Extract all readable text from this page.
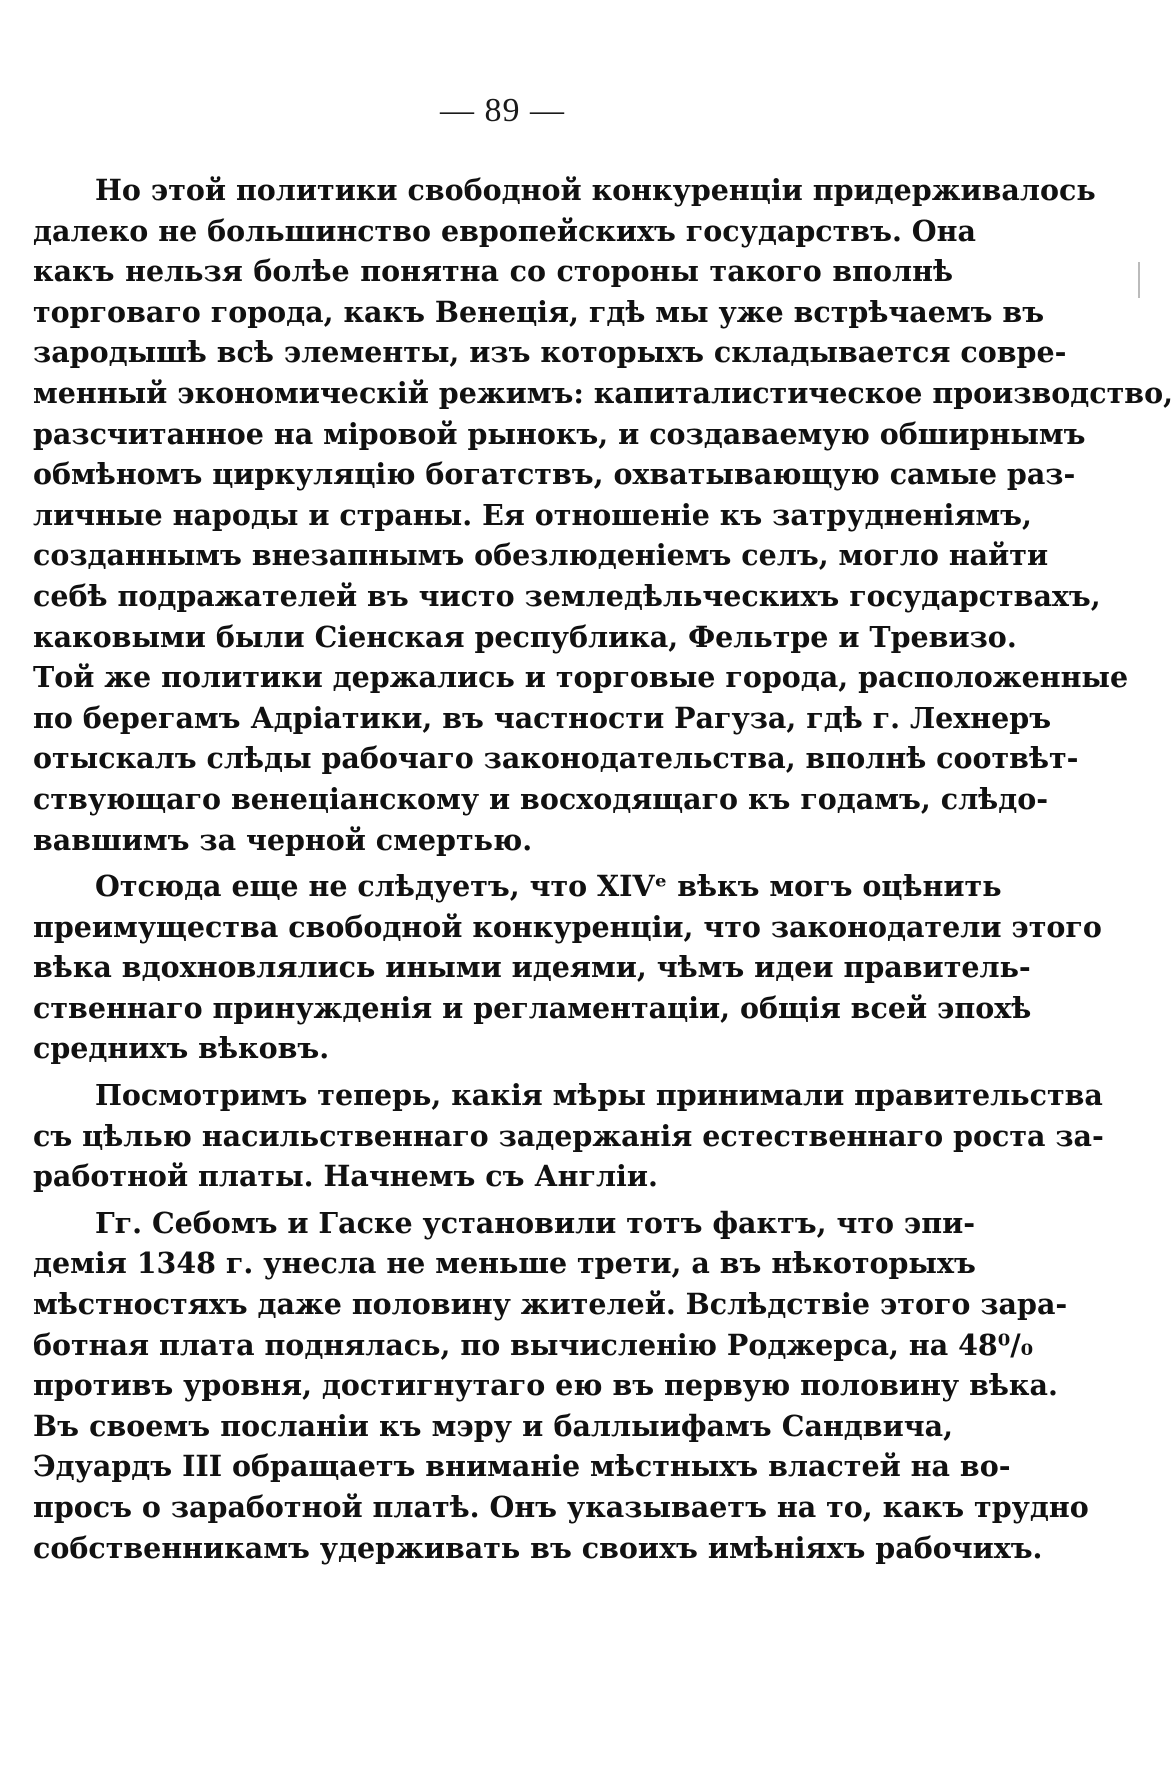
— 89 —
Но этой политики свободной конкуренціи придерживалось
далеко не большинство европейскихъ государствъ. Она
какъ нельзя болѣе понятна со стороны такого вполнѣ
торговаго города, какъ Венеція, гдѣ мы уже встрѣчаемъ въ
зародышѣ всѣ элементы, изъ которыхъ складывается совре-
менный экономическій режимъ: капиталистическое производство,
разсчитанное на міровой рынокъ, и создаваемую обширнымъ
обмѣномъ циркуляцію богатствъ, охватывающую самые раз-
личные народы и страны. Ея отношеніе къ затрудненіямъ,
созданнымъ внезапнымъ обезлюденіемъ селъ, могло найти
себѣ подражателей въ чисто земледѣльческихъ государствахъ,
каковыми были Сіенская республика, Фельтре и Тревизо.
Той же политики держались и торговые города, расположенные
по берегамъ Адріатики, въ частности Рагуза, гдѣ г. Лехнеръ
отыскалъ слѣды рабочаго законодательства, вполнѣ соотвѣт-
ствующаго венеціанскому и восходящаго къ годамъ, слѣдо-
вавшимъ за черной смертью.
Отсюда еще не слѣдуетъ, что XIVᵉ вѣкъ могъ оцѣнить
преимущества свободной конкуренціи, что законодатели этого
вѣка вдохновлялись иными идеями, чѣмъ идеи правитель-
ственнаго принужденія и регламентаціи, общія всей эпохѣ
среднихъ вѣковъ.
Посмотримъ теперь, какія мѣры принимали правительства
съ цѣлью насильственнаго задержанія естественнаго роста за-
работной платы. Начнемъ съ Англіи.
Гг. Себомъ и Гаске установили тотъ фактъ, что эпи-
демія 1348 г. унесла не меньше трети, а въ нѣкоторыхъ
мѣстностяхъ даже половину жителей. Вслѣдствіе этого зара-
ботная плата поднялась, по вычисленію Роджерса, на 48⁰/₀
противъ уровня, достигнутаго ею въ первую половину вѣка.
Въ своемъ посланіи къ мэру и баллыифамъ Сандвича,
Эдуардъ III обращаетъ вниманіе мѣстныхъ властей на во-
просъ о заработной платѣ. Онъ указываетъ на то, какъ трудно
собственникамъ удерживать въ своихъ имѣніяхъ рабочихъ.
